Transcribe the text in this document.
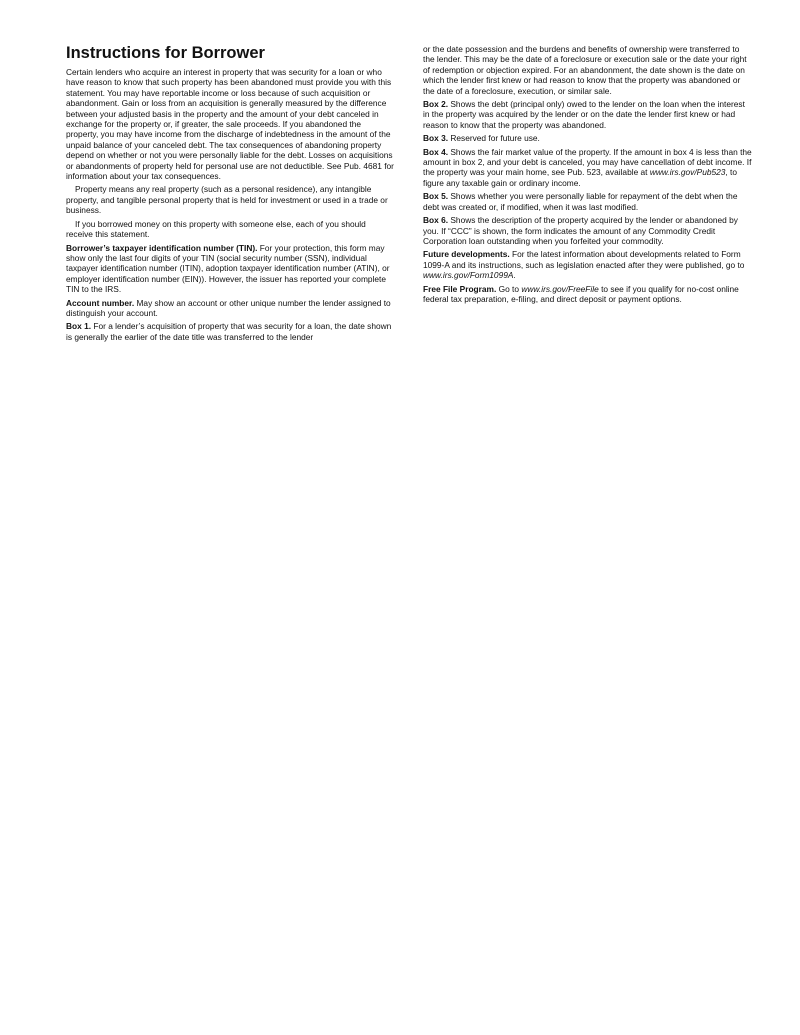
Instructions for Borrower

Certain lenders who acquire an interest in property that was security for a loan or who have reason to know that such property has been abandoned must provide you with this statement. You may have reportable income or loss because of such acquisition or abandonment. Gain or loss from an acquisition is generally measured by the difference between your adjusted basis in the property and the amount of your debt canceled in exchange for the property or, if greater, the sale proceeds. If you abandoned the property, you may have income from the discharge of indebtedness in the amount of the unpaid balance of your canceled debt. The tax consequences of abandoning property depend on whether or not you were personally liable for the debt. Losses on acquisitions or abandonments of property held for personal use are not deductible. See Pub. 4681 for information about your tax consequences.

Property means any real property (such as a personal residence), any intangible property, and tangible personal property that is held for investment or used in a trade or business.

If you borrowed money on this property with someone else, each of you should receive this statement.

Borrower’s taxpayer identification number (TIN). For your protection, this form may show only the last four digits of your TIN (social security number (SSN), individual taxpayer identification number (ITIN), adoption taxpayer identification number (ATIN), or employer identification number (EIN)). However, the issuer has reported your complete TIN to the IRS.

Account number. May show an account or other unique number the lender assigned to distinguish your account.

Box 1. For a lender’s acquisition of property that was security for a loan, the date shown is generally the earlier of the date title was transferred to the lender

or the date possession and the burdens and benefits of ownership were transferred to the lender. This may be the date of a foreclosure or execution sale or the date your right of redemption or objection expired. For an abandonment, the date shown is the date on which the lender first knew or had reason to know that the property was abandoned or the date of a foreclosure, execution, or similar sale.

Box 2. Shows the debt (principal only) owed to the lender on the loan when the interest in the property was acquired by the lender or on the date the lender first knew or had reason to know that the property was abandoned.

Box 3. Reserved for future use.

Box 4. Shows the fair market value of the property. If the amount in box 4 is less than the amount in box 2, and your debt is canceled, you may have cancellation of debt income. If the property was your main home, see Pub. 523, available at www.irs.gov/Pub523, to figure any taxable gain or ordinary income.

Box 5. Shows whether you were personally liable for repayment of the debt when the debt was created or, if modified, when it was last modified.

Box 6. Shows the description of the property acquired by the lender or abandoned by you. If “CCC” is shown, the form indicates the amount of any Commodity Credit Corporation loan outstanding when you forfeited your commodity.

Future developments. For the latest information about developments related to Form 1099-A and its instructions, such as legislation enacted after they were published, go to www.irs.gov/Form1099A.

Free File Program. Go to www.irs.gov/FreeFile to see if you qualify for no-cost online federal tax preparation, e-filing, and direct deposit or payment options.
